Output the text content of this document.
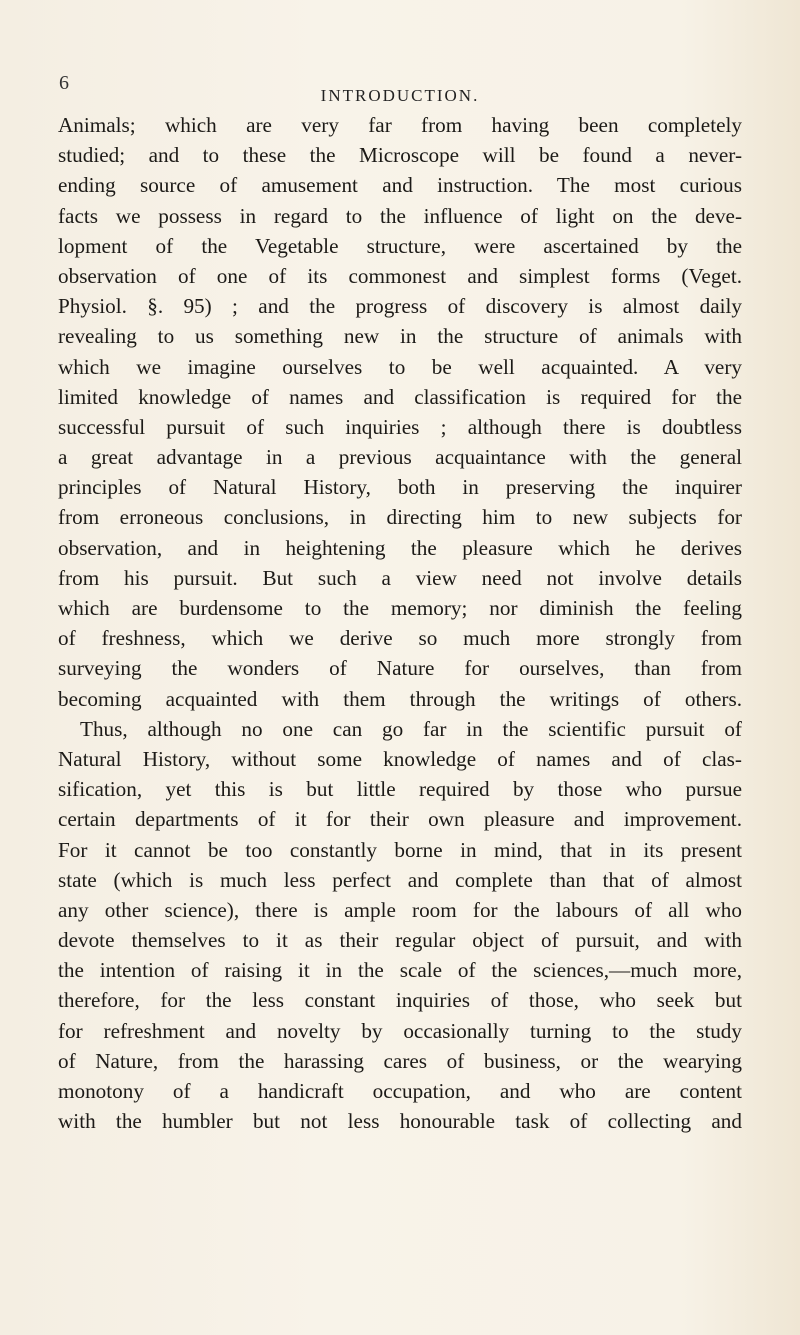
6
INTRODUCTION.
Animals; which are very far from having been completely
studied; and to these the Microscope will be found a never-
ending source of amusement and instruction. The most curious
facts we possess in regard to the influence of light on the deve-
lopment of the Vegetable structure, were ascertained by the
observation of one of its commonest and simplest forms (Veget.
Physiol. §. 95) ; and the progress of discovery is almost daily
revealing to us something new in the structure of animals with
which we imagine ourselves to be well acquainted. A very
limited knowledge of names and classification is required for the
successful pursuit of such inquiries ; although there is doubtless
a great advantage in a previous acquaintance with the general
principles of Natural History, both in preserving the inquirer
from erroneous conclusions, in directing him to new subjects for
observation, and in heightening the pleasure which he derives
from his pursuit. But such a view need not involve details
which are burdensome to the memory; nor diminish the feeling
of freshness, which we derive so much more strongly from
surveying the wonders of Nature for ourselves, than from
becoming acquainted with them through the writings of others.
Thus, although no one can go far in the scientific pursuit of
Natural History, without some knowledge of names and of clas-
sification, yet this is but little required by those who pursue
certain departments of it for their own pleasure and improvement.
For it cannot be too constantly borne in mind, that in its present
state (which is much less perfect and complete than that of almost
any other science), there is ample room for the labours of all who
devote themselves to it as their regular object of pursuit, and with
the intention of raising it in the scale of the sciences,—much more,
therefore, for the less constant inquiries of those, who seek but
for refreshment and novelty by occasionally turning to the study
of Nature, from the harassing cares of business, or the wearying
monotony of a handicraft occupation, and who are content
with the humbler but not less honourable task of collecting and
